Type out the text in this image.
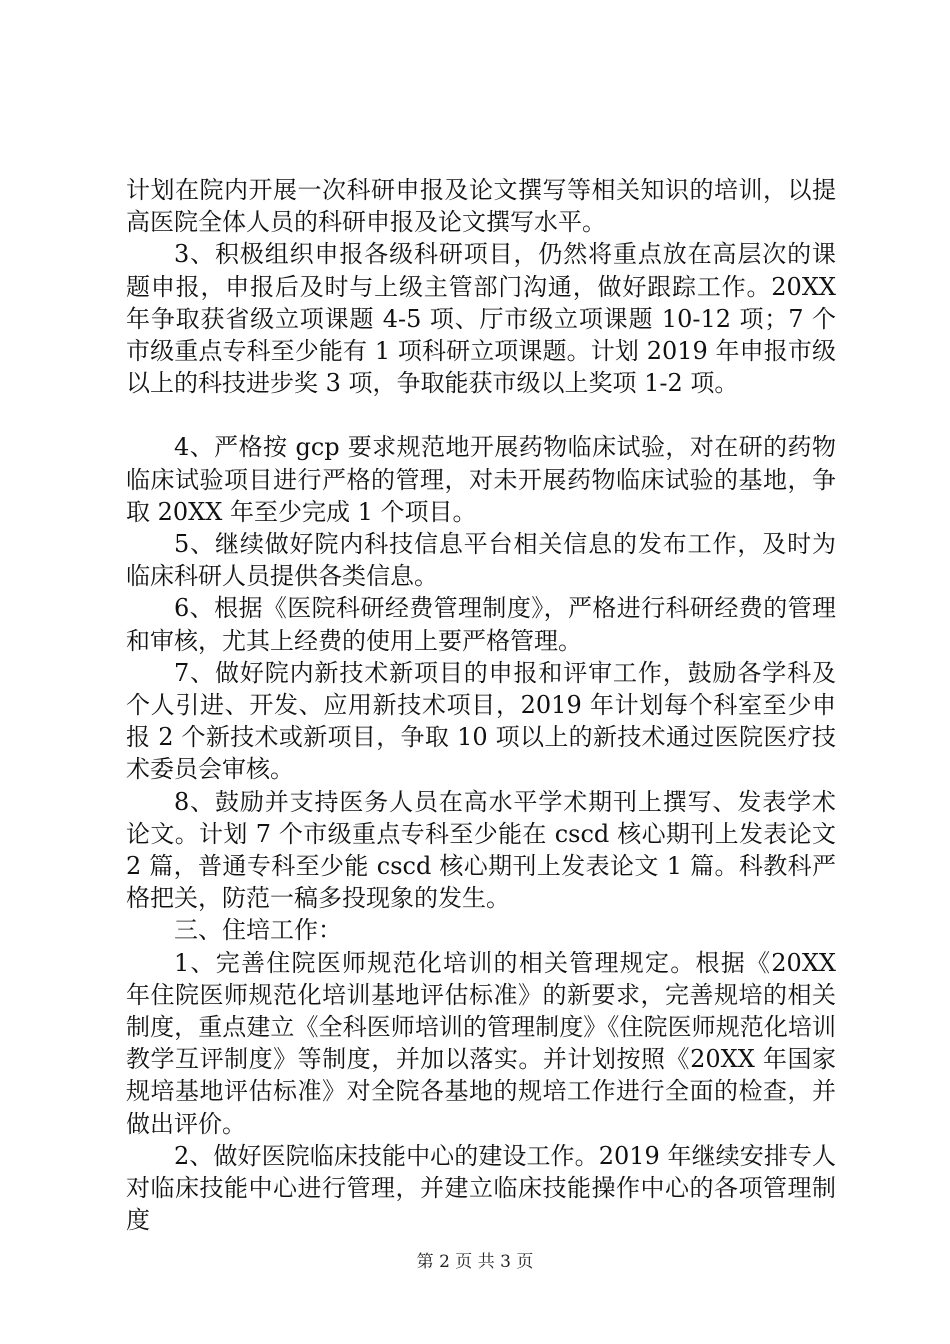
计划在院内开展一次科研申报及论文撰写等相关知识的培训，以提高医院全体人员的科研申报及论文撰写水平。

3、积极组织申报各级科研项目，仍然将重点放在高层次的课题申报，申报后及时与上级主管部门沟通，做好跟踪工作。20XX 年争取获省级立项课题 4-5 项、厅市级立项课题 10-12 项；7 个市级重点专科至少能有 1 项科研立项课题。计划 2019 年申报市级以上的科技进步奖 3 项，争取能获市级以上奖项 1-2 项。

4、严格按 gcp 要求规范地开展药物临床试验，对在研的药物临床试验项目进行严格的管理，对未开展药物临床试验的基地，争取 20XX 年至少完成 1 个项目。

5、继续做好院内科技信息平台相关信息的发布工作，及时为临床科研人员提供各类信息。

6、根据《医院科研经费管理制度》，严格进行科研经费的管理和审核，尤其上经费的使用上要严格管理。

7、做好院内新技术新项目的申报和评审工作，鼓励各学科及个人引进、开发、应用新技术项目，2019 年计划每个科室至少申报 2 个新技术或新项目，争取 10 项以上的新技术通过医院医疗技术委员会审核。

8、鼓励并支持医务人员在高水平学术期刊上撰写、发表学术论文。计划 7 个市级重点专科至少能在 cscd 核心期刊上发表论文 2 篇，普通专科至少能 cscd 核心期刊上发表论文 1 篇。科教科严格把关，防范一稿多投现象的发生。

三、住培工作：

1、完善住院医师规范化培训的相关管理规定。根据《20XX 年住院医师规范化培训基地评估标准》的新要求，完善规培的相关制度，重点建立《全科医师培训的管理制度》《住院医师规范化培训教学互评制度》等制度，并加以落实。并计划按照《20XX 年国家规培基地评估标准》对全院各基地的规培工作进行全面的检查，并做出评价。

2、做好医院临床技能中心的建设工作。2019 年继续安排专人对临床技能中心进行管理，并建立临床技能操作中心的各项管理制度

第 2 页 共 3 页
